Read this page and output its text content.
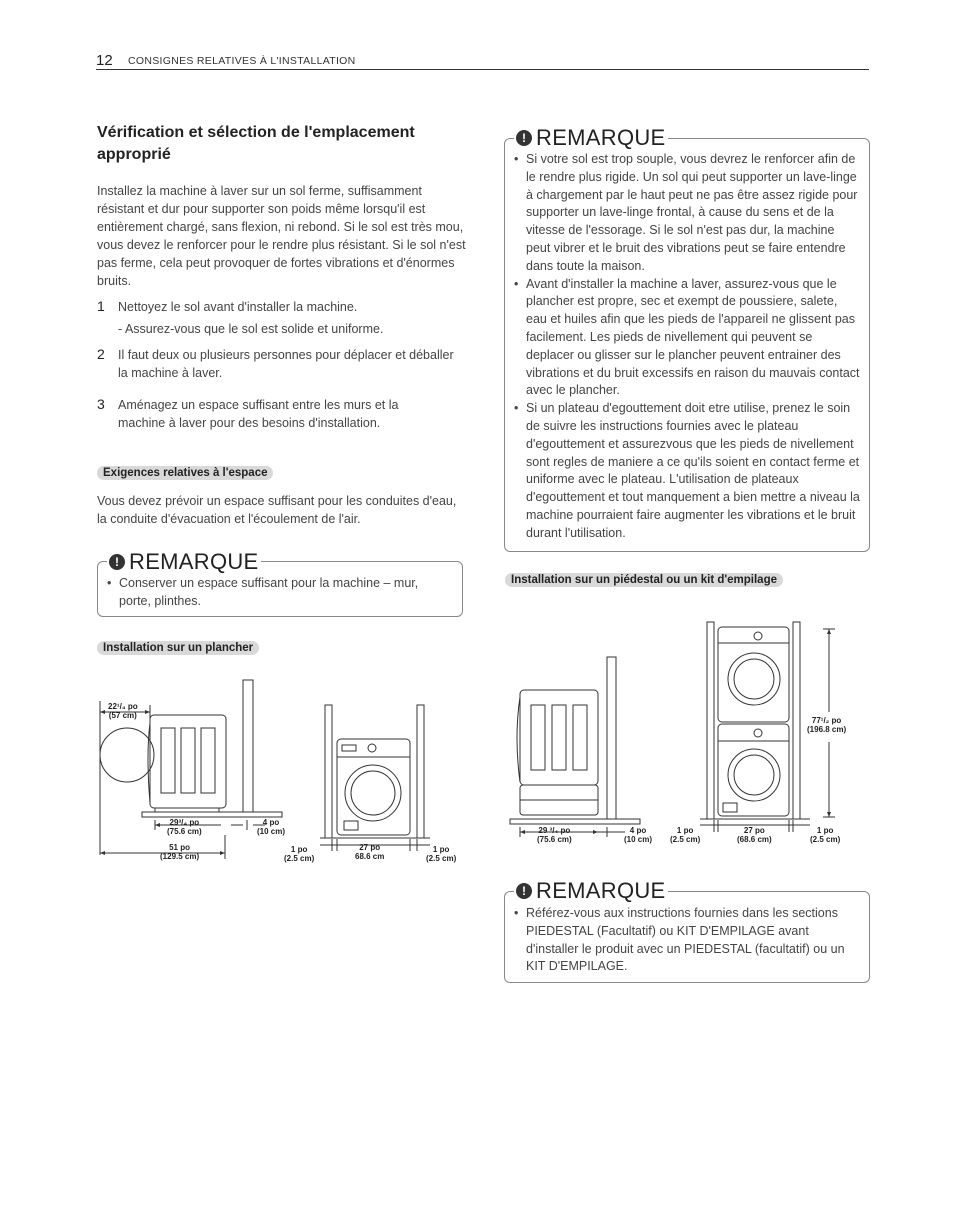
12 CONSIGNES RELATIVES À L'INSTALLATION
Vérification et sélection de l'emplacement approprié
Installez la machine à laver sur un sol ferme, suffisamment résistant et dur pour supporter son poids même lorsqu'il est entièrement chargé, sans flexion, ni rebond. Si le sol est très mou, vous devez le renforcer pour le rendre plus résistant. Si le sol n'est pas ferme, cela peut provoquer de fortes vibrations et d'énormes bruits.
1 Nettoyez le sol avant d'installer la machine.
- Assurez-vous que le sol est solide et uniforme.
2 Il faut deux ou plusieurs personnes pour déplacer et déballer la machine à laver.
3 Aménagez un espace suffisant entre les murs et la machine à laver pour des besoins d'installation.
Exigences relatives à l'espace
Vous devez prévoir un espace suffisant pour les conduites d'eau, la conduite d'évacuation et l'écoulement de l'air.
! REMARQUE
• Conserver un espace suffisant pour la machine – mur, porte, plinthes.
Installation sur un plancher
22¹/₄ po
(57 cm)
29³/₄ po
(75.6 cm)
4 po
(10 cm)
51 po
(129.5 cm)
1 po
(2.5 cm)
27 po
68.6 cm
1 po
(2.5 cm)
! REMARQUE
• Si votre sol est trop souple, vous devrez le renforcer afin de le rendre plus rigide. Un sol qui peut supporter un lave-linge à chargement par le haut peut ne pas être assez rigide pour supporter un lave-linge frontal, à cause du sens et de la vitesse de l'essorage. Si le sol n'est pas dur, la machine peut vibrer et le bruit des vibrations peut se faire entendre dans toute la maison.
• Avant d'installer la machine a laver, assurez-vous que le plancher est propre, sec et exempt de poussiere, salete, eau et huiles afin que les pieds de l'appareil ne glissent pas facilement. Les pieds de nivellement qui peuvent se deplacer ou glisser sur le plancher peuvent entrainer des vibrations et du bruit excessifs en raison du mauvais contact avec le plancher.
• Si un plateau d'egouttement doit etre utilise, prenez le soin de suivre les instructions fournies avec le plateau d'egouttement et assurezvous que les pieds de nivellement sont regles de maniere a ce qu'ils soient en contact ferme et uniforme avec le plateau. L'utilisation de plateaux d'egouttement et tout manquement a bien mettre a niveau la machine pourraient faire augmenter les vibrations et le bruit durant l'utilisation.
Installation sur un piédestal ou un kit d'empilage
29 ³/₄ po
(75.6 cm)
4 po
(10 cm)
1 po
(2.5 cm)
27 po
(68.6 cm)
1 po
(2.5 cm)
77¹/₂ po
(196.8 cm)
! REMARQUE
• Référez-vous aux instructions fournies dans les sections PIEDESTAL (Facultatif) ou KIT D'EMPILAGE avant d'installer le produit avec un PIEDESTAL (facultatif) ou un KIT D'EMPILAGE.
